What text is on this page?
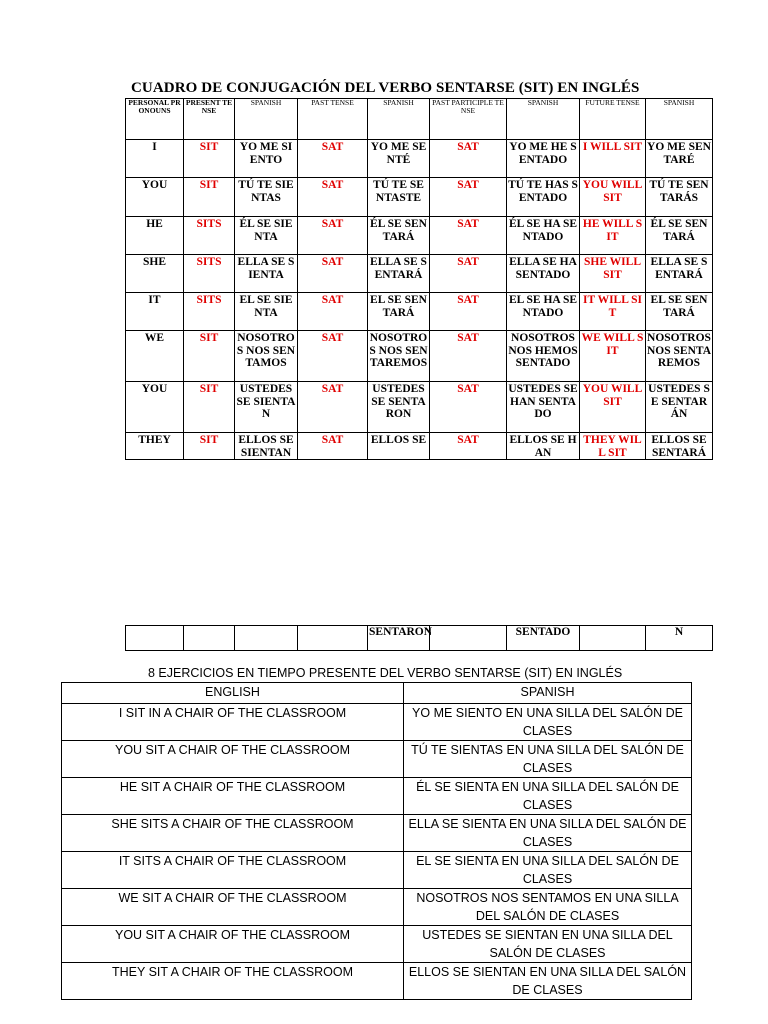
CUADRO DE CONJUGACIÓN DEL VERBO SENTARSE (SIT) EN INGLÉS
PERSONAL PRONOUNS	PRESENT TENSE	SPANISH	PAST TENSE	SPANISH	PAST PARTICIPLE TENSE	SPANISH	FUTURE TENSE	SPANISH
I	SIT	YO ME SIENTO	SAT	YO ME SENTÉ	SAT	YO ME HE SENTADO	I WILL SIT	YO ME SENTARÉ
YOU	SIT	TÚ TE SIENTAS	SAT	TÚ TE SENTASTE	SAT	TÚ TE HAS SENTADO	YOU WILL SIT	TÚ TE SENTARÁS
HE	SITS	ÉL SE SIENTA	SAT	ÉL SE SENTARÁ	SAT	ÉL SE HA SENTADO	HE WILL SIT	ÉL SE SENTARÁ
SHE	SITS	ELLA SE SIENTA	SAT	ELLA SE SENTARÁ	SAT	ELLA SE HA SENTADO	SHE WILL SIT	ELLA SE SENTARÁ
IT	SITS	EL SE SIENTA	SAT	EL SE SENTARÁ	SAT	EL SE HA SENTADO	IT WILL SIT	EL SE SENTARÁ
WE	SIT	NOSOTROS NOS SENTAMOS	SAT	NOSOTROS NOS SENTAREMOS	SAT	NOSOTROS NOS HEMOS SENTADO	WE WILL SIT	NOSOTROS NOS SENTAREMOS
YOU	SIT	USTEDES SE SIENTAN	SAT	USTEDES SE SENTARON	SAT	USTEDES SE HAN SENTADO	YOU WILL SIT	USTEDES SE SENTARÁN
THEY	SIT	ELLOS SE SIENTAN	SAT	ELLOS SE	SAT	ELLOS SE HAN	THEY WILL SIT	ELLOS SE SENTARÁ
				SENTARON		SENTADO		N
8 EJERCICIOS EN TIEMPO PRESENTE DEL VERBO SENTARSE (SIT) EN INGLÉS
ENGLISH	SPANISH
I SIT IN A CHAIR OF THE CLASSROOM	YO ME SIENTO EN UNA SILLA DEL SALÓN DE CLASES
YOU SIT A CHAIR OF THE CLASSROOM	TÚ TE SIENTAS EN UNA SILLA DEL SALÓN DE CLASES
HE SIT A CHAIR OF THE CLASSROOM	ÉL SE SIENTA EN UNA SILLA DEL SALÓN DE CLASES
SHE SITS A CHAIR OF THE CLASSROOM	ELLA SE SIENTA EN UNA SILLA DEL SALÓN DE CLASES
IT SITS A CHAIR OF THE CLASSROOM	EL SE SIENTA EN UNA SILLA DEL SALÓN DE CLASES
WE SIT A CHAIR OF THE CLASSROOM	NOSOTROS NOS SENTAMOS EN UNA SILLA DEL SALÓN DE CLASES
YOU SIT A CHAIR OF THE CLASSROOM	USTEDES SE SIENTAN EN UNA SILLA DEL SALÓN DE CLASES
THEY SIT A CHAIR OF THE CLASSROOM	ELLOS SE SIENTAN EN UNA SILLA DEL SALÓN DE CLASES
